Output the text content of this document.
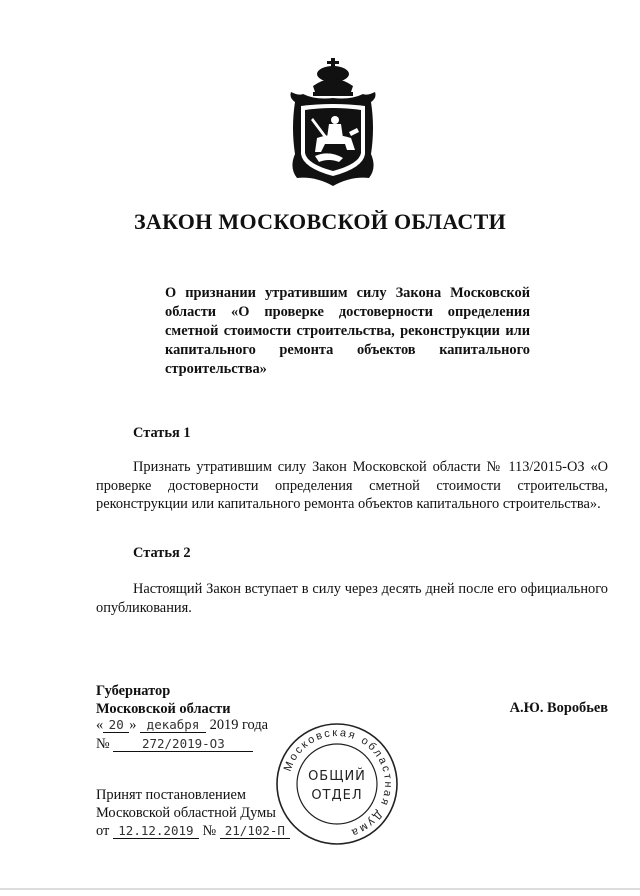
ЗАКОН МОСКОВСКОЙ ОБЛАСТИ
О признании утратившим силу Закона Московской области «О проверке достоверности определения сметной стоимости строительства, реконструкции или капитального ремонта объектов капитального строительства»
Статья 1
Признать утратившим силу Закон Московской области № 113/2015-ОЗ «О проверке достоверности определения сметной стоимости строительства, реконструкции или капитального ремонта объектов капитального строительства».
Статья 2
Настоящий Закон вступает в силу через десять дней после его официального опубликования.
Губернатор
Московской области	А.Ю. Воробьев
« 20 » декабря 2019 года
№	272/2019-ОЗ
Московская областная Дума
ОБЩИЙ
ОТДЕЛ
Принят постановлением
Московской областной Думы
от 12.12.2019 № 21/102-П
